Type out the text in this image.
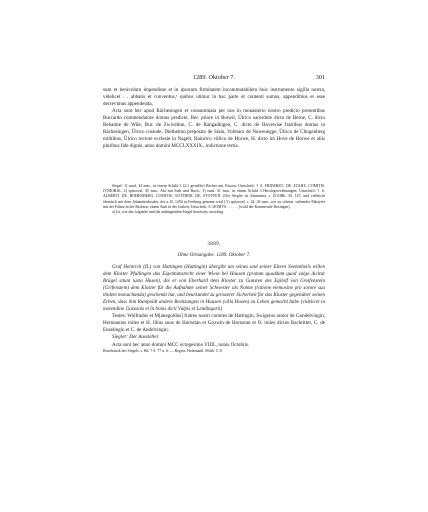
1289. Oktober 7.	301

sum et benivolum impendisse et in ipsorum firmitatem incommutabilem huic instrumento sigilla nostra, videlicet . . abbatis et conventus,ˣ quibus utimur in hac parte et contenti sumus, appendimus et esse decrevimus appendenda.

Acta sunt hec apud Rächesingen et consummata per nos in monasterio nostro predicto presentibus Burcardo commendatore domus predicte, Ber. priore in Rotwil, Ûlrico sacerdote dicto de Berne, C. dicto Behaime de Wile, Bur. de Zwiveltun, C. de Rangadingen, C. dicto de Hovewise fratribus domus in Rächesingen, Ûlrico custode, Diethelmo preposito de Stain, Volmaro de Nuwenegge, Ûlrico de Clingenberg militibus, Ûlrico rectore ecclesie in Nagelt, Hainrico villico de Horwe, H. dicto im Hove de Horwe et aliis pluribus fide dignis, anno domini MCCLXXXIX., indictione tertia.

Siegel: 1) rund, 34 mm., in einem Schild 3 (2:1 gestellte) Becher mit Füssen; Umschrift: † S. FRIDERICI. DE. ZOLRE. COMITIS. IVNIORIS.; 2) spitzoval, 45 mm., Abt mit Stab und Buch.; 3) rund, 31 mm., in einem Schild 3 Hirschgeweihstangen; Umschrift: † S. ALBERTI. DE. HOHENBERG. COMITIS. GOTFRIDI. DE. STOVFEN. (Der Siegler ist Johanniter, s. ZGORh. 30, 125, und vielleicht identisch mit dem Johanniterbruder, der a. R. 1294 in Freiburg genannt wird.) 5) spitzoval, c. 42, 26 mm., wie zu scheint, stehender Märtyrer mit der Palme in der Rechten, einem Stab in der Linken; Umschrift: S. DOMVS . . . . . . (wohl der Kommende Rexingen).

x) Ist, wie das folgende und die anhängenden Siegel beweisen, unrichtig.

3889.
Ohne Ortsangabe. 1289. Oktober 7.

Graf Heinrich (II.) von Hattingen (Hattingin) übergibt um seines und seiner Eltern Seelenheils willen dem Kloster Pfullingen das Eigentumsrecht einer Wiese bei Hausen (pratum quoddam quod vulgo dicitur Brügel situm iuxta Husen), die er von Eberhard dem Kloster zu Gunsten des Egilolf von Greifenstein (Grifenstein) dem Kloster für die Aufnahme seiner Schwester als Nonne (ratione elemosine pro sorore sua ibidem monachanda) geschenkt hat, und beurkundet zu grösserer Sicherheit für das Kloster gegenüber seinen Erben, dass ihm Rumpoldt andere Besitzungen in Hausen (villa Husen) zu Lehen gemacht habe (videlicet in molendino Gozzonis et in bonis dicti Vulpis et Lendingarii).

Testes: Wolfradus et M[anegoldus] fratres nostri comites de Hattingin, Swigerus iunior de Gundelvingin, Hermannus miles et H. filius suus de Hornstan et Gozwin de Hornstan et O. miles dictus Bachritter, C. de Enselingin et C. de Andelvingin.

Siegler: Der Aussteller.

Acta sunt hec anno domini MCC octogesimo VIIII., nonis Octobris.

Bruchstück des Siegels, s. Bd. 7 S. 77 n. 6. — Regest: Holzmanll. Mitth. 5, 8.
